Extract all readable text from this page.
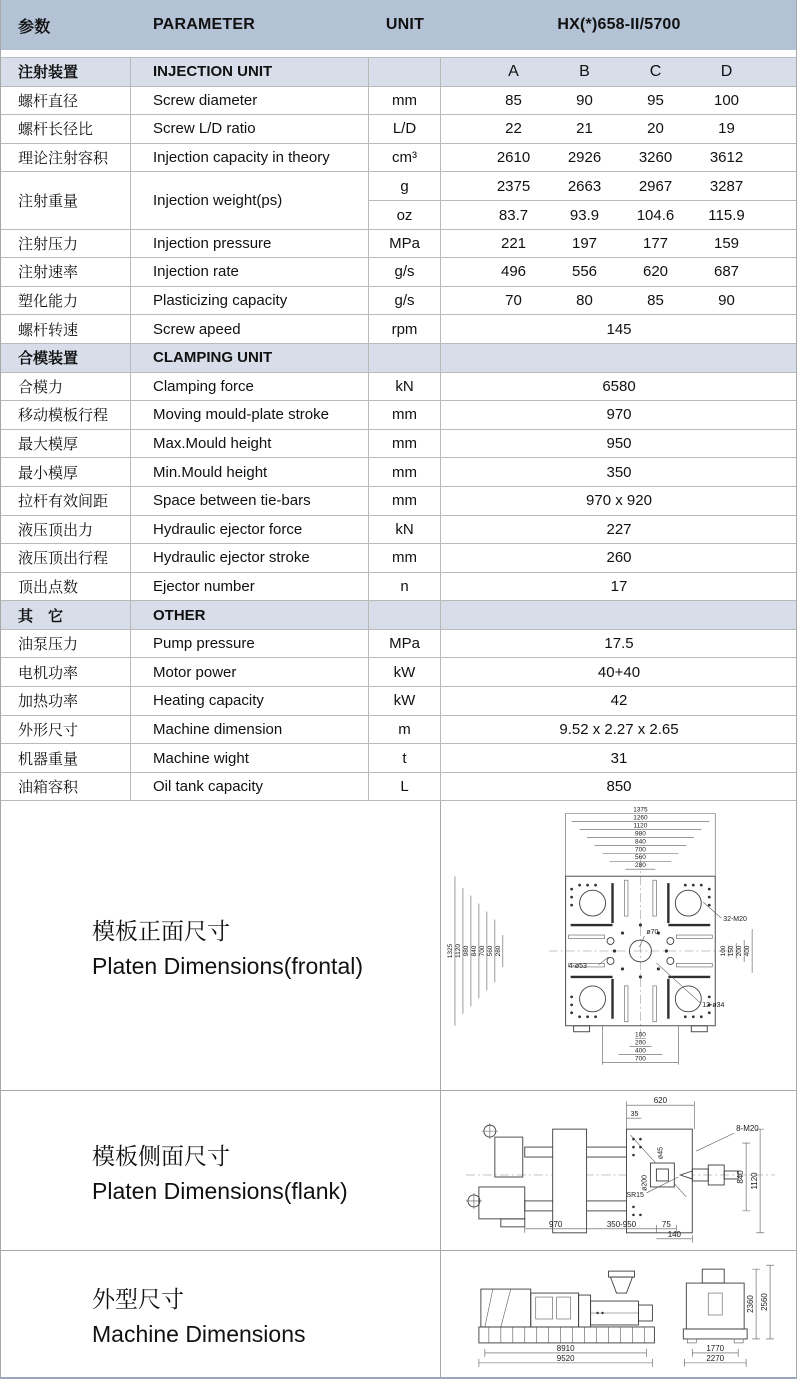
参数	PARAMETER	UNIT	HX(*)658-II/5700
注射装置	INJECTION UNIT	A	B	C	D
螺杆直径	Screw diameter	mm	85	90	95	100
螺杆长径比	Screw L/D ratio	L/D	22	21	20	19
理论注射容积	Injection capacity in theory	cm³	2610	2926	3260	3612
注射重量	Injection weight(ps)
g	2375	2663	2967	3287
oz	83.7	93.9	104.6	115.9
注射压力	Injection pressure	MPa	221	197	177	159
注射速率	Injection rate	g/s	496	556	620	687
塑化能力	Plasticizing capacity	g/s	70	80	85	90
螺杆转速	Screw apeed	rpm	145
合模装置	CLAMPING UNIT
合模力	Clamping force	kN	6580
移动模板行程	Moving mould-plate stroke	mm	970
最大模厚	Max.Mould height	mm	950
最小模厚	Min.Mould height	mm	350
拉杆有效间距	Space between tie-bars	mm	970 x 920
液压顶出力	Hydraulic ejector force	kN	227
液压顶出行程	Hydraulic ejector stroke	mm	260
顶出点数	Ejector number	n	17
其　它	OTHER
油泵压力	Pump pressure	MPa	17.5
电机功率	Motor power	kW	40+40
加热功率	Heating capacity	kW	42
外形尺寸	Machine dimension	m	9.52 x 2.27 x 2.65
机器重量	Machine wight	t	31
油箱容积	Oil tank capacity	L	850
模板正面尺寸
Platen Dimensions(frontal)
1375
1260
1120
980
840
700
560
280
1325 1120 980 840 700 560 280	100 150 200 400
100
200
400
700
32-M20
ø70
4-ø53
12-ø34
模板侧面尺寸
Platen Dimensions(flank)
620
35
8-M20
ø45
ø200
SR15
840 1120
970	350-950	75
140
外型尺寸
Machine Dimensions
8910
9520
1770
2270
2360 2560
